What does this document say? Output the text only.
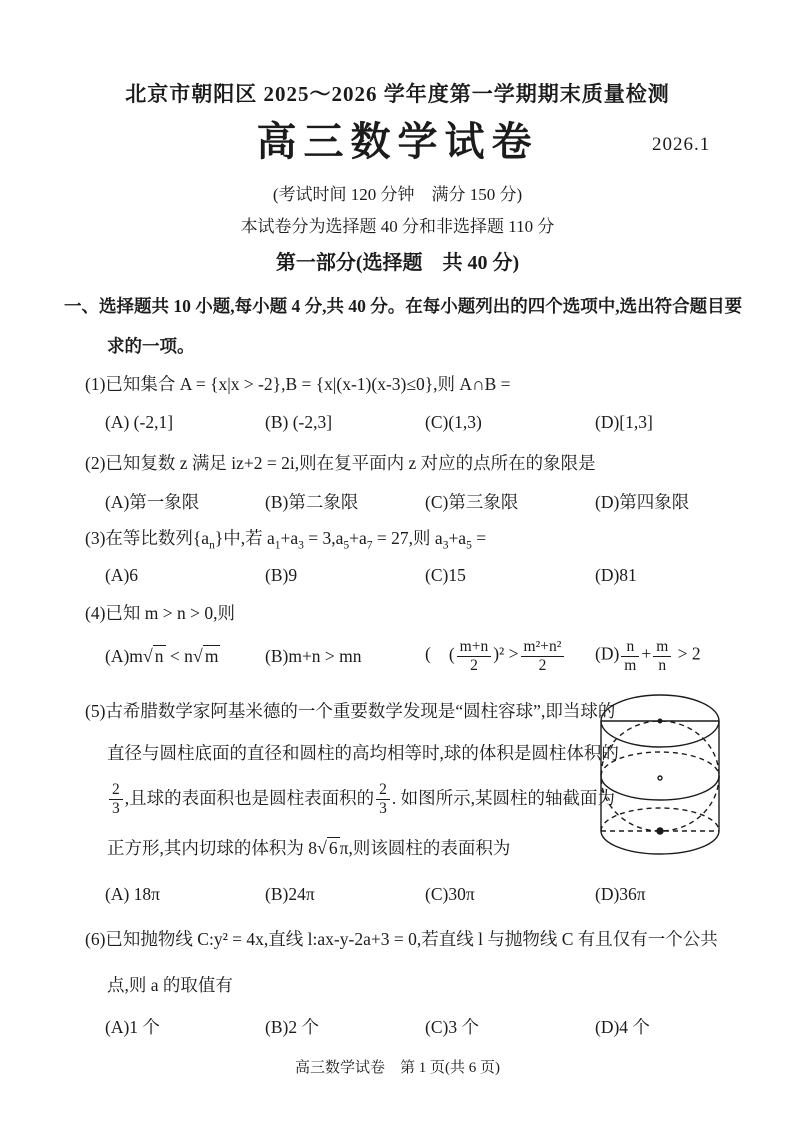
北京市朝阳区 2025～2026 学年度第一学期期末质量检测
高三数学试卷	2026.1
(考试时间 120 分钟　满分 150 分)
本试卷分为选择题 40 分和非选择题 110 分
第一部分(选择题　共 40 分)
一、选择题共 10 小题,每小题 4 分,共 40 分。在每小题列出的四个选项中,选出符合题目要
求的一项。
(1)已知集合 A = {x|x > -2},B = {x|(x-1)(x-3)≤0},则 A∩B =
(A) (-2,1]	(B) (-2,3]	(C)(1,3)	(D)[1,3]
(2)已知复数 z 满足 iz+2 = 2i,则在复平面内 z 对应的点所在的象限是
(A)第一象限	(B)第二象限	(C)第三象限	(D)第四象限
(3)在等比数列$\{a_n\}$中,若 $a_1+a_3 = 3,a_5+a_7 = 27$,则 $a_3+a_5$ =
(A)6	(B)9	(C)15	(D)81
(4)已知 m > n > 0,则
(A)m√ n < n√ m	(B)m+n > mn	( ( $\frac{m+n}{2} )^2 > \frac{\text{m²+n²}}{2} (D) \frac{n}{m} + \frac{m}{n} > 2$
(5)古希腊数学家阿基米德的一个重要数学发现是“圆柱容球”,即当球的
直径与圆柱底面的直径和圆柱的高均相等时,球的体积是圆柱体积的
$\frac{2}{3}$ ,且球的表面积也是圆柱表面积的 $\frac{2}{3}$ . 如图所示,某圆柱的轴截面为
正方形,其内切球的体积为 8√ 6 π,则该圆柱的表面积为
(A) 18π	(B)24π	(C)30π	(D)36π
(6)已知抛物线 C:y² = 4x,直线 l:ax-y-2a+3 = 0,若直线 l 与抛物线 C 有且仅有一个公共
点,则 a 的取值有
(A)1 个	(B)2 个	(C)3 个	(D)4 个
高三数学试卷　第 1 页(共 6 页)
